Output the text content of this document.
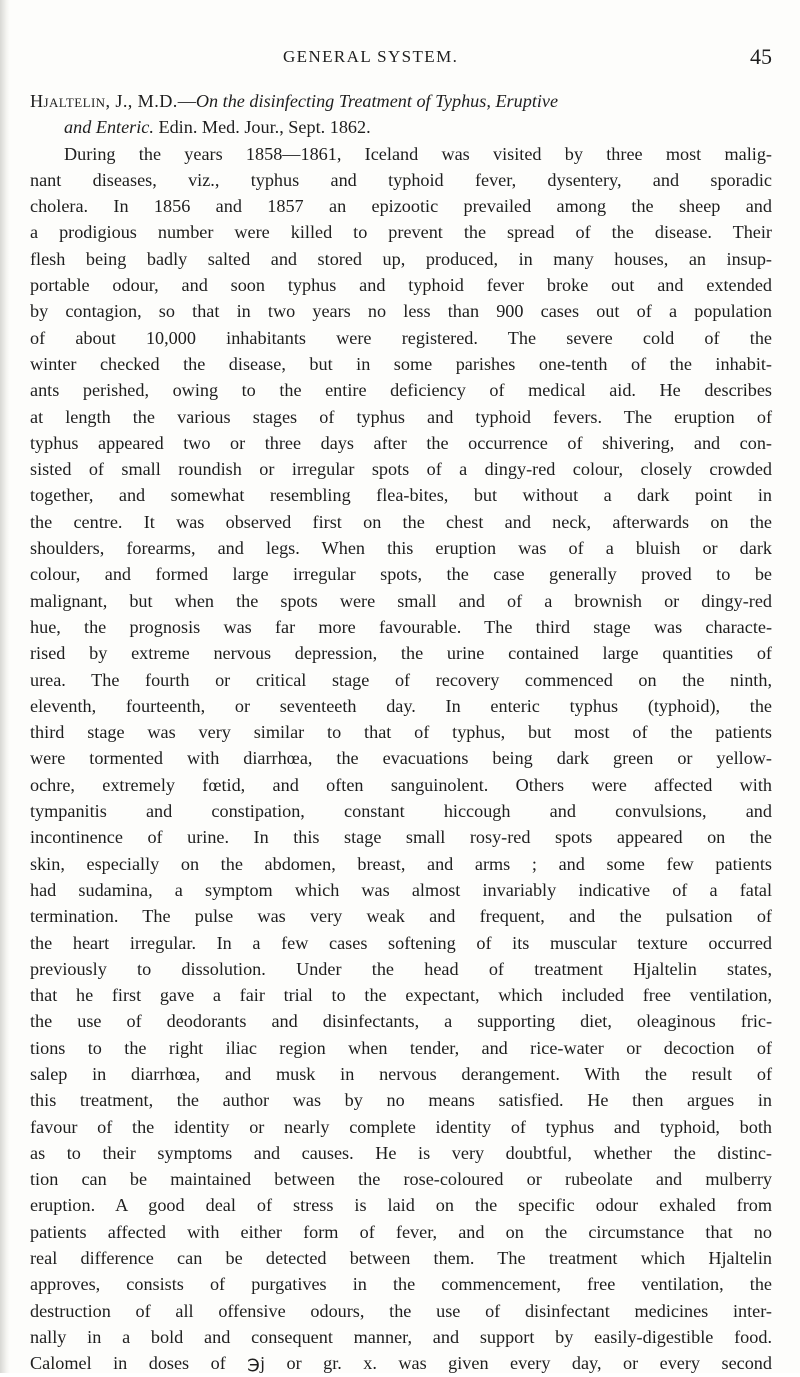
GENERAL SYSTEM.	45

Hjaltelin, J., M.D.—On the disinfecting Treatment of Typhus, Eruptive
and Enteric. Edin. Med. Jour., Sept. 1862.

During the years 1858—1861, Iceland was visited by three most malig-
nant diseases, viz., typhus and typhoid fever, dysentery, and sporadic
cholera. In 1856 and 1857 an epizootic prevailed among the sheep and
a prodigious number were killed to prevent the spread of the disease. Their
flesh being badly salted and stored up, produced, in many houses, an insup-
portable odour, and soon typhus and typhoid fever broke out and extended
by contagion, so that in two years no less than 900 cases out of a population
of about 10,000 inhabitants were registered. The severe cold of the
winter checked the disease, but in some parishes one-tenth of the inhabit-
ants perished, owing to the entire deficiency of medical aid. He describes
at length the various stages of typhus and typhoid fevers. The eruption of
typhus appeared two or three days after the occurrence of shivering, and con-
sisted of small roundish or irregular spots of a dingy-red colour, closely crowded
together, and somewhat resembling flea-bites, but without a dark point in
the centre. It was observed first on the chest and neck, afterwards on the
shoulders, forearms, and legs. When this eruption was of a bluish or dark
colour, and formed large irregular spots, the case generally proved to be
malignant, but when the spots were small and of a brownish or dingy-red
hue, the prognosis was far more favourable. The third stage was characte-
rised by extreme nervous depression, the urine contained large quantities of
urea. The fourth or critical stage of recovery commenced on the ninth,
eleventh, fourteenth, or seventeeth day. In enteric typhus (typhoid), the
third stage was very similar to that of typhus, but most of the patients
were tormented with diarrhœa, the evacuations being dark green or yellow-
ochre, extremely fœtid, and often sanguinolent. Others were affected with
tympanitis and constipation, constant hiccough and convulsions, and
incontinence of urine. In this stage small rosy-red spots appeared on the
skin, especially on the abdomen, breast, and arms ; and some few patients
had sudamina, a symptom which was almost invariably indicative of a fatal
termination. The pulse was very weak and frequent, and the pulsation of
the heart irregular. In a few cases softening of its muscular texture occurred
previously to dissolution. Under the head of treatment Hjaltelin states,
that he first gave a fair trial to the expectant, which included free ventilation,
the use of deodorants and disinfectants, a supporting diet, oleaginous fric-
tions to the right iliac region when tender, and rice-water or decoction of
salep in diarrhœa, and musk in nervous derangement. With the result of
this treatment, the author was by no means satisfied. He then argues in
favour of the identity or nearly complete identity of typhus and typhoid, both
as to their symptoms and causes. He is very doubtful, whether the distinc-
tion can be maintained between the rose-coloured or rubeolate and mulberry
eruption. A good deal of stress is laid on the specific odour exhaled from
patients affected with either form of fever, and on the circumstance that no
real difference can be detected between them. The treatment which Hjaltelin
approves, consists of purgatives in the commencement, free ventilation, the
destruction of all offensive odours, the use of disinfectant medicines inter-
nally in a bold and consequent manner, and support by easily-digestible food.
Calomel in doses of ℈j or gr. x. was given every day, or every second
